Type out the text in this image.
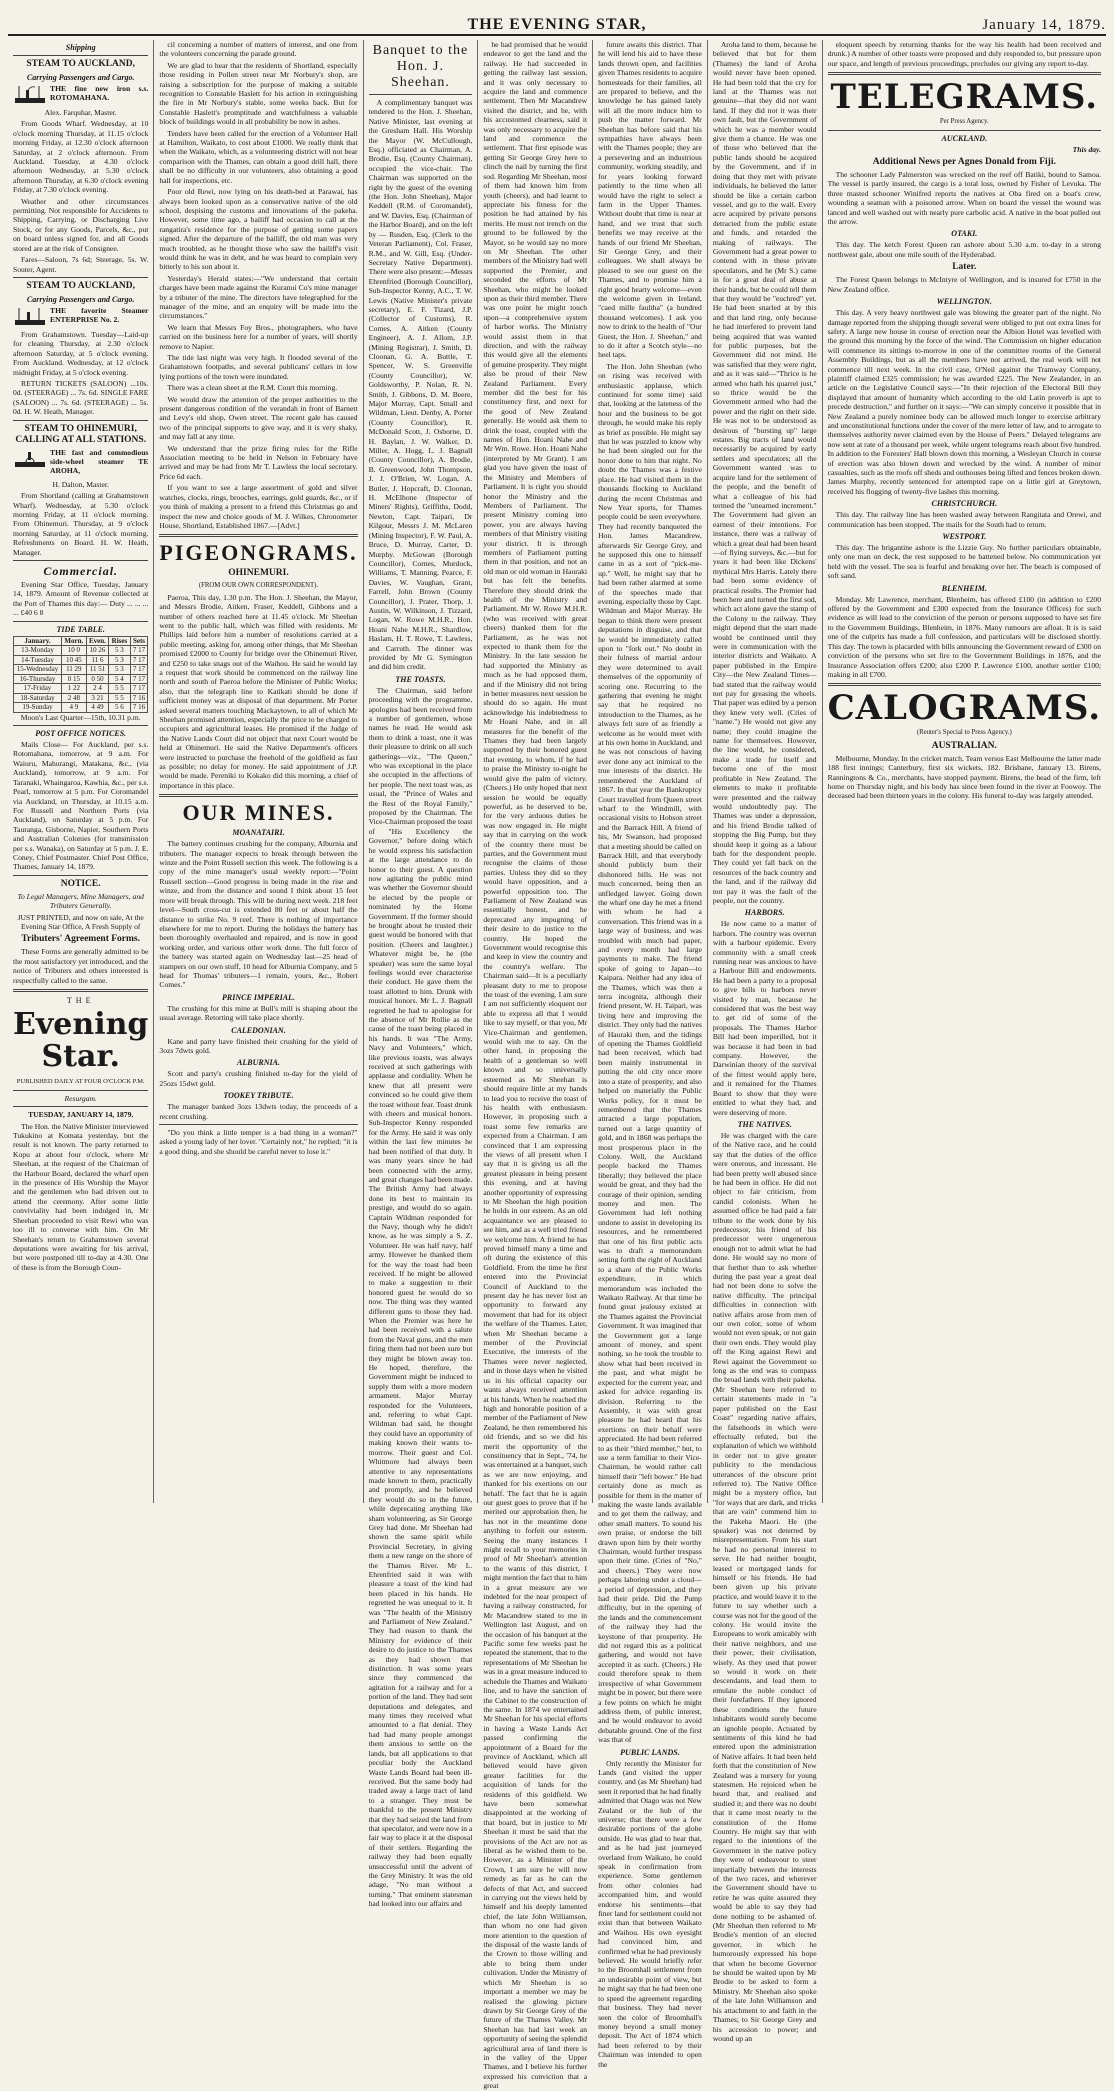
THE EVENING STAR,	January 14, 1879.

Shipping

STEAM TO AUCKLAND,

Carrying Passengers and Cargo.

THE fine new iron s.s. ROTOMAHANA.

Alex. Farquhar, Master.

From Goods Wharf. Wednesday, at 10 o'clock morning Thursday, at 11.15 o'clock morning Friday, at 12.30 o'clock afternoon Saturday, at 2 o'clock afternoon. From Auckland. Tuesday, at 4.30 o'clock afternoon Wednesday, at 5.30 o'clock afternoon Thursday, at 6.30 o'clock evening Friday, at 7.30 o'clock evening.

Weather and other circumstances permitting. Not responsible for Accidents to Shipping, Carrying, or Discharging Live Stock, or for any Goods, Parcels, &c., put on board unless signed for, and all Goods stored are at the risk of Consignee.

Fares—Saloon, 7s 6d; Steerage, 5s. W. Souter, Agent.

STEAM TO AUCKLAND,

Carrying Passengers and Cargo.

THE favorite Steamer ENTERPRISE No. 2.

From Grahamstown. Tuesday—Laid-up for cleaning Thursday, at 2.30 o'clock afternoon Saturday, at 5 o'clock evening. From Auckland. Wednesday, at 12 o'clock midnight Friday, at 5 o'clock evening.

RETURN TICKETS (SALOON) ...10s. 0d. (STEERAGE) ... 7s. 6d. SINGLE FARE (SALOON) ... 7s. 6d. (STEERAGE) ... 5s. 0d. H. W. Heath, Manager.

STEAM TO OHINEMURI, CALLING AT ALL STATIONS.

THE fast and commodious side-wheel steamer TE AROHA,

H. Dalton, Master.

From Shortland (calling at Grahamstown Wharf). Wednesday, at 5.30 o'clock morning Friday, at 11 o'clock morning. From Ohinemuri. Thursday, at 9 o'clock morning Saturday, at 11 o'clock morning. Refreshments on Board. H. W. Heath, Manager.

Commercial.

Evening Star Office, Tuesday, January 14, 1879. Amount of Revenue collected at the Port of Thames this day:— Duty ... ... ... ... £40 6 8

TIDE TABLE.

January.	Morn.	Even.	Rises	Sets
13-Monday	10 0	10 26	5 3	7 17
14-Tuesday	10 45	11 6	5 3	7 17
15-Wednesday	11 29	11 51	5 3	7 17
16-Thursday	0 15	0 50	5 4	7 17
17-Friday	1 22	2 4	5 5	7 17
18-Saturday	2 48	3 21	5 5	7 16
19-Sunday	4 9	4 49	5 6	7 16

Moon's Last Quarter—15th, 10.31 p.m.

POST OFFICE NOTICES.

Mails Close— For Auckland, per s.s. Rotomahana, tomorrow, at 9 a.m. For Waiuru, Mahurangi, Matakana, &c., (via Auckland), tomorrow, at 9 a.m. For Taranaki, Whaingaroa, Kawhia, &c., per s.s. Pearl, tomorrow at 5 p.m. For Coromandel via Auckland, on Thursday, at 10.15 a.m. For Russell and Northern Ports (via Auckland), on Saturday at 5 p.m. For Tauranga, Gisborne, Napier, Southern Ports and Australian Colonies (for transmission per s.s. Wanaka), on Saturday at 5 p.m. J. E. Coney, Chief Postmaster. Chief Post Office, Thames, January 14, 1879.

NOTICE.

To Legal Managers, Mine Managers, and Tributers Generally.

JUST PRINTED, and now on sale, At the Evening Star Office, A Fresh Supply of

Tributers' Agreement Forms.

These Forms are generally admitted to be the most satisfactory yet introduced, and the notice of Tributers and others interested is respectfully called to the same.

THE

Evening Star.

PUBLISHED DAILY AT FOUR O'CLOCK P.M.

Resurgam.

TUESDAY, JANUARY 14, 1879.

The Hon. the Native Minister interviewed Tukukino at Komata yesterday, but the result is not known. The party returned to Kopu at about four o'clock, where Mr Sheehan, at the request of the Chairman of the Harbour Board, declared the wharf open in the presence of His Worship the Mayor and the gentlemen who had driven out to attend the ceremony. After some little conviviality had been indulged in, Mr Sheehan proceeded to visit Rewi who was too ill to converse with him. On Mr Sheehan's return to Grahamstown several deputations were awaiting for his arrival, but were postponed till to-day at 4.30. One of these is from the Borough Coun-

cil concerning a number of matters of interest, and one from the volunteers concerning the parade ground.

We are glad to hear that the residents of Shortland, especially those residing in Pollen street near Mr Norbury's shop, are raising a subscription for the purpose of making a suitable recognition to Constable Haslett for his action in extinguishing the fire in Mr Norbury's stable, some weeks back. But for Constable Haslett's promptitude and watchfulness a valuable block of buildings would in all probability be now in ashes.

Tenders have been called for the erection of a Volunteer Hall at Hamilton, Waikato, to cost about £1000. We really think that when the Waikato, which, as a volunteering district will not bear comparison with the Thames, can obtain a good drill hall, there shall be no difficulty in our volunteers, also obtaining a good hall for inspections, etc.

Poor old Rewi, now lying on his death-bed at Parawai, has always been looked upon as a conservative native of the old school, despising the customs and innovations of the pakeha. However, some time ago, a bailiff had occasion to call at the rangatira's residence for the purpose of getting some papers signed. After the departure of the bailiff, the old man was very much troubled, as he thought those who saw the bailiff's visit would think he was in debt, and he was heard to complain very bitterly to his son about it.

Yesterday's Herald states:—"We understand that certain charges have been made against the Kuranui Co's mine manager by a tributer of the mine. The directors have telegraphed for the manager of the mine, and an enquiry will be made into the circumstances."

We learn that Messrs Foy Bros., photographers, who have carried on the business here for a number of years, will shortly remove to Napier.

The tide last night was very high. It flooded several of the Grahamstown footpaths, and several publicans' cellars in low lying portions of the town were inundated.

There was a clean sheet at the R.M. Court this morning.

We would draw the attention of the proper authorities to the present dangerous condition of the verandah in front of Barnett and Levy's old shop, Owen street. The recent gale has caused two of the principal supports to give way, and it is very shaky, and may fall at any time.

We understand that the prize firing rules for the Rifle Association meeting to be held in Nelson in February have arrived and may be had from Mr T. Lawless the local secretary. Price 6d each.

If you want to see a large assortment of gold and silver watches, clocks, rings, brooches, earrings, gold guards, &c., or if you think of making a present to a friend this Christmas go and inspect the new and choice goods of M. J. Wilkes, Chronometer House, Shortland, Established 1867.—[Advt.]

PIGEONGRAMS.

OHINEMURI.

(FROM OUR OWN CORRESPONDENT).

Paeroa, This day, 1.30 p.m. The Hon. J. Sheehan, the Mayor, and Messrs Brodie, Aitken, Fraser, Keddell, Gibbons and a number of others reached here at 11.45 o'clock. Mr Sheehan went to the public hall, which was filled with residents. Mr Phillips laid before him a number of resolutions carried at a public meeting, asking for, among other things, that Mr Sheehan promised £2000 to County for bridge over the Ohinemuri River, and £250 to take snags out of the Waihou. He said he would lay a request that work should be commenced on the railway line north and south of Paeroa before the Minister of Public Works; also, that the telegraph line to Katikati should be done if sufficient money was at disposal of that department. Mr Porter asked several matters touching Mackaytown, to all of which Mr Sheehan promised attention, especially the price to be charged to occupiers and agricultural leases. He promised if the Judge of the Native Lands Court did not object that next Court would be held at Ohinemuri. He said the Native Department's officers were instructed to purchase the freehold of the goldfield as fast as possible; no delay for money. He said appointment of J.P. would be made. Pereniki to Kokako did this morning, a chief of importance in this place.

OUR MINES.

MOANATAIRI.

The battery continues crushing for the company, Alburnia and tributers. The manager expects to break through between the winze and the Point Russell section this week. The following is a copy of the mine manager's usual weekly report:—"Point Russell section—Good progress is being made in the rise and winze, and from the distance and sound I think about 15 feet more will break through. This will be during next week. 218 feet level—South cross-cut is extended 80 feet or about half the distance to strike No. 9 reef. There is nothing of importance elsewhere for me to report. During the holidays the battery has been thoroughly overhauled and repaired, and is now in good working order, and various other work done. The full force of the battery was started again on Wednesday last—25 head of stampers on our own stuff, 10 head for Alburnia Company, and 5 head for Thomas' tributers—1 remain, yours, &c., Robert Comes."

PRINCE IMPERIAL.

The crushing for this mine at Bull's mill is shaping about the usual average. Retorting will take place shortly.

CALEDONIAN.

Kane and party have finished their crushing for the yield of 3ozs 7dwts gold.

ALBURNIA.

Scott and party's crushing finished to-day for the yield of 25ozs 15dwt gold.

TOOKEY TRIBUTE.

The manager banked 3ozs 13dwts today, the proceeds of a recent crushing.

"Do you think a little temper is a bad thing in a woman?" asked a young lady of her lover. "Certainly not," he replied; "it is a good thing, and she should be careful never to lose it."

Banquet to the Hon. J. Sheehan.

A complimentary banquet was tendered to the Hon. J. Sheehan, Native Minister, last evening at the Gresham Hall. His Worship the Mayor (W. McCullough, Esq.) officiated as Chairman, A. Brodie, Esq. (County Chairman), occupied the vice-chair. The Chairman was supported on the right by the guest of the evening (the Hon. John Sheehan), Major Keddell (R.M. of Coromandel), and W. Davies, Esq. (Chairman of the Harbor Board), and on the left by — Rusden, Esq. (Clerk to the Veteran Parliament), Col. Fraser, R.M., and W. Gill, Esq. (Under-Secretary Native Department). There were also present:—Messrs Ehrenfried (Borough Councillor), Sub-Inspector Kenny, A.C., T. W. Lewis (Native Minister's private secretary), E. F. Tizard, J.P. (Collector of Customs), R. Comes, A. Aitken (County Engineer), A. J. Allom, J.P. (Mining Registrar), J. Smith, D. Cloonan, G. A. Buttle, T. Spencer, W. S. Greenville (County Councillor), W. Goldsworthy, P. Nolan, R. N. Smith, J. Gibbons, D. M. Beere, Major Murray, Capt. Small and Wildman, Lieut. Denby, A. Porter (County Councillor), R. McDonald Scott, J. Osborne, D. H. Baylan, J. W. Walker, D. Miller, A. Hogg, L. J. Bagnall (County Councillor), A. Brodie, B. Greenwood, John Thompson, J. J. O'Brien, W. Logan, A. Butler, J. Hopcraft, D. Cloonan, H. McElhone (Inspector of Miners' Rights), Griffiths, Dodd, Newton, Capt. Taipari, Dr Kilgour, Messrs J. M. McLaren (Mining Inspector), F. W. Paul, A. Bruce, D. Murray, Carter, D. Murphy. McGowan (Borough Councillor), Cornes, Murdock, Williams, T. Manning, Pearce, F. Davies, W. Vaughan, Grant, Farrell, John Brown (County Councillor), J. Prater, Thorp, J. Austin, W. Wilkinson, J. Tizzard, Logan, W. Rowe M.H.R., Hon. Hoani Nahe M.H.R., Shardlow, Haslam, H. T. Rowe, T. Lawless, and Carruth. The dinner was provided by Mr G. Symington and did him credit.

THE TOASTS.

The Chairman, said before proceeding with the programme, apologies had been received from a number of gentlemen, whose names he read. He would ask them to drink a toast, one it was their pleasure to drink on all such gatherings—viz., "The Queen," who was exceptional in the place she occupied in the affections of her people. The next toast was, as usual, the "Prince of Wales and the Rest of the Royal Family," proposed by the Chairman. The Vice-Chairman proposed the toast of "His Excellency the Governor," before doing which he would express his satisfaction at the large attendance to do honor to their guest. A question now agitating the public mind was whether the Governor should be elected by the people or nominated by the Home Government. If the former should be brought about he trusted their guest would be honored with that position. (Cheers and laughter.) Whatever might be, he (the speaker) was sure the same loyal feelings would ever characterise their conduct. He gave them the toast allotted to him. Drunk with musical honors. Mr L. J. Bagnall regretted he had to apologise for the absence of Mr Rollie as the cause of the toast being placed in his hands. It was "The Army, Navy and Volunteers," which, like previous toasts, was always received at such gatherings with applause and cordiality. When he knew that all present were convinced so he could give them the toast without fear. Toast drunk with cheers and musical honors. Sub-Inspector Kenny responded for the Army. He said it was only within the last few minutes he had been notified of that duty. It was many years since he had been connected with the army, and great changes had been made. The British Army had always done its best to maintain its prestige, and would do so again. Captain Wildman responded for the Navy, though why he didn't know, as he was simply a S. Z. Volunteer. He was half navy, half army. However he thanked them for the way the toast had been received. If he might be allowed to make a suggestion to their honored guest he would do so now. The thing was they wanted different guns to those they had. When the Premier was here he had been received with a salute from the Naval guns, and the men firing them had not been sure but they might be blown away too. He hoped, therefore, the Government might be induced to supply them with a more modern armament. Major Murray responded for the Volunteers, and, referring to what Capt. Wildman had said, he thought they could have an opportunity of making known their wants to-morrow. Their guest and Col. Whitmore had always been attentive to any representations made known to them, practically and promptly, and he believed they would do so in the future, while deprecating anything like sham volunteering, as Sir George Grey had done. Mr Sheehan had shown the same spirit while Provincial Secretary, in giving them a new range on the shore of the Thames River. Mr L. Ehrenfried said it was with pleasure a toast of the kind had been placed in his hands. He regretted he was unequal to it. It was "The health of the Ministry and Parliament of New Zealand." They had reason to thank the Ministry for evidence of their desire to do justice to the Thames as they had shown that distinction. It was some years since they commenced the agitation for a railway and for a portion of the land. They had sent deputations and delegates, and many times they received what amounted to a flat denial. They had had many people amongst them anxious to settle on the lands, but all applications to that peculiar body the Auckland Waste Lands Board had been ill-received. But the same body had traded away a large tract of land to a stranger. They must be thankful to the present Ministry that they had seized the land from that speculator, and were now in a fair way to place it at the disposal of their settlers. Regarding the railway they had been equally unsuccessful until the advent of the Grey Ministry. It was the old adage, "No man without a turning." That eminent statesman had looked into our affairs and

he had promised that he would endeavor to get the land and the railway. He had succeeded in getting the railway last session, and it was only necessary to acquire the land and commence settlement. Then Mr Macandrew visited the district, and he, with his accustomed clearness, said it was only necessary to acquire the land and commence the settlement. That first episode was getting Sir George Grey here to clinch the nail by turning the first sod. Regarding Mr Sheehan, most of them had known him from youth (cheers), and had learnt to appreciate his fitness for the position he had attained by his merits. He must not trench on the ground to be followed by the Mayor, so he would say no more on Mr Sheehan. The other members of the Ministry had well supported the Premier, and seconded the efforts of Mr Sheehan, who might be looked upon as their third member. There was one point he might touch upon—a comprehensive system of harbor works. The Ministry would assist them in that direction, and with the railway this would give all the elements of genuine prosperity. They might also be proud of their New Zealand Parliament. Every member did the best for his constituency first, and next for the good of New Zealand generally. He would ask them to drink the toast, coupled with the names of Hon. Hoani Nahe and Mr Wm. Rowe. Hon. Hoani Nahe (interpreted by Mr Grant). I am glad you have given the toast of the Ministry and Members of Parliament. It is right you should honor the Ministry and the Members of Parliament. The present Ministry coming into power, you are always having members of that Ministry visiting your district. It is through members of Parliament putting them in that position, and not an old man or old woman in Hauraki but has felt the benefits. Therefore they should drink the health of the Ministry and Parliament. Mr W. Rowe M.H.R. (who was received with great cheers) thanked them for the Parliament, as he was not expected to thank them for the Ministry. In the late session he had supported the Ministry as much as he had opposed them, and if the Ministry did not bring in better measures next session he should do so again. He must acknowledge his indebtedness to Mr Hoani Nahe, and in all measures for the benefit of the Thames they had been largely supported by their honored guest that evening, to whom, if he had to praise the Ministry to-night he would give the palm of victory. (Cheers.) He only hoped that next session he would be equally powerful, as he deserved to be, for the very arduous duties he was now engaged in. He might say that in carrying on the work of the country there must be parties, and the Government must recognise the claims of those parties. Unless they did so they would have opposition, and a powerful opposition too. The Parliament of New Zealand was essentially honest, and he deprecated any impugning of their desire to do justice to the country. He hoped the Government would recognise this and keep in view the country and the country's welfare. The Chairman said—It is a peculiarly pleasant duty to me to propose the toast of the evening. I am sure I am not sufficiently eloquent nor able to express all that I would like to say myself, or that you, Mr Vice-Chairman and gentlemen, would wish me to say. On the other hand, in proposing the health of a gentleman so well known and so universally esteemed as Mr Sheehan is should require little at my hands to lead you to receive the toast of his health with enthusiasm. However, in proposing such a toast some few remarks are expected from a Chairman. I am convinced that I am expressing the views of all present when I say that it is giving us all the greatest pleasure in being present this evening, and at having another opportunity of expressing to Mr Sheehan the high position he holds in our esteem. As an old acquaintance we are pleased to see him, and as a well tried friend we welcome him. A friend he has proved himself many a time and oft during the existence of this Goldfield. From the time he first entered into the Provincial Council of Auckland to the present day he has never lost an opportunity to forward any movement that had for its object the welfare of the Thames. Later, when Mr Sheehan became a member of the Provincial Executive, the interests of the Thames were never neglected, and in those days when he visited us in his official capacity our wants always received attention at his hands. When he reached the high and honorable position of a member of the Parliament of New Zealand, he then remembered his old friends, and so we did his merit the opportunity of the constituency that in Sept., '74, he was entertained at a banquet, such as we are now enjoying, and thanked for his exertions on our behalf. The fact that he is again our guest goes to prove that if he merited our approbation then, he has not in the meantime done anything to forfeit our esteem. Seeing the many instances I might recall to your memories in proof of Mr Sheehan's attention to the wants of this district, I might mention the fact that to him in a great measure are we indebted for the near prospect of having a railway constructed, for Mr Macandrew stated to me in Wellington last August, and on the occasion of his banquet at the Pacific some few weeks past he repeated the statement, that to the representations of Mr Sheehan he was in a great measure induced to schedule the Thames and Waikato line, and to have the sanction of the Cabinet to the construction of the same. In 1874 we entertained Mr Sheehan for his special efforts in having a Waste Lands Act passed confirming the appointment of a Board for the province of Auckland, which all believed would have given greater facilities for the acquisition of lands for the residents of this goldfield. We have been somewhat disappointed at the working of that board, but in justice to Mr Sheehan it must be said that the provisions of the Act are not as liberal as he wished them to be. However, as a Minister of the Crown, I am sure he will now remedy as far as he can the defects of that Act, and succeed in carrying out the views held by himself and his deeply lamented chief, the late John Williamson, than whom no one had given more attention to the question of the disposal of the waste lands of the Crown to those willing and able to bring them under cultivation. Under the Ministry of which Mr Sheehan is so important a member we may be realised the glowing picture drawn by Sir George Grey of the future of the Thames Valley. Mr Sheehan has had last week an opportunity of seeing the splendid agricultural area of land there is in the valley of the Upper Thames, and I believe his further expressed his conviction that a great

future awaits this district. That he will lend his aid to have these lands thrown open, and facilities given Thames residents to acquire homesteads for their families, all are prepared to believe, and the knowledge he has gained lately will all the more induce him to push the matter forward. Mr Sheehan has before said that his sympathies have always been with the Thames people; they are a persevering and an industrious community, working steadily, and for years looking forward patiently to the time when all would have the right to select a farm in the Upper Thames. Without doubt that time is near at hand, and we trust that such benefits we may receive at the hands of our friend Mr Sheehan, Sir George Grey, and their colleagues. We shall always be pleased to see our guest on the Thames, and to promise him a right good hearty welcome—even the welcome given in Ireland, "caed mille faultha" (a hundred thousand welcomes). I ask you now to drink to the health of "Our Guest, the Hon. J. Sheehan," and to do it after a Scotch style—no heel taps.

The Hon. John Sheehan (who on rising was received with enthusiastic applause, which continued for some time) said that, looking at the lateness of the hour and the business to be got through, he would make his reply as brief as possible. He might say that he was puzzled to know why he had been singled out for the honor done to him that night. No doubt the Thames was a festive place. He had visited them in the thousands flocking to Auckland during the recent Christmas and New Year sports, for Thames people could be seen everywhere. They had recently banqueted the Hon. James Macandrew, afterwards Sir George Grey, and he supposed this one to himself came in as a sort of "pick-me-up." Well, he might say that he had been rather alarmed at some of the speeches made that evening, especially those by Capt. Wildman and Major Murray. He began to think there were present deputations in disguise, and that he would be immediately called upon to "fork out." No doubt in their fulness of martial ardour they were determined to avail themselves of the opportunity of scoring one. Recurring to the gathering that evening he might say that he required no introduction to the Thames, as he always felt sure of as friendly a welcome as he would meet with at his own home in Auckland, and he was not conscious of having ever done any act inimical to the true interests of the district. He remembered the Auckland of 1867. In that year the Bankruptcy Court travelled from Queen street wharf to the Windmill, with occasional visits to Hobson street and the Barrack Hill. A friend of his, Mr Swanson, had proposed that a meeting should be called on Barrack Hill, and that everybody should publicly burn their dishonored bills. He was not much concerned, being then an unfledged lawyer. Going down the wharf one day he met a friend with whom he had a conversation. This friend was in a large way of business, and was troubled with much bad paper, and every month had large payments to make. The friend spoke of going to Japan—to Kaipara. Neither had any idea of the Thames, which was then a terra incognita, although their friend present, W. H. Taipari, was living here and improving the district. They only had the natives of Hauraki then, and the tidings of opening the Thames Goldfield had been received, which had been mainly instrumental in putting the old city once more into a state of prosperity, and also helped on materially the Public Works policy, for it must be remembered that the Thames attracted a large population, turned out a large quantity of gold, and in 1868 was perhaps the most prosperous place in the Colony. Well, the Auckland people backed the Thames liberally; they believed the place would be great, and they had the courage of their opinion, sending money and men. The Government had left nothing undone to assist in developing its resources, and he remembered that one of his first public acts was to draft a memorandum setting forth the right of Auckland to a share of the Public Works expenditure, in which memorandum was included the Waikato Railway. At that time he found great jealousy existed at the Thames against the Provincial Government. It was imagined that the Government got a large amount of money, and spent nothing, so he took the trouble to show what had been received in the past, and what might be expected for the current year, and asked for advice regarding its division. Referring to the Assembly, it was with great pleasure he had heard that his exertions on their behalf were appreciated. He had been referred to as their "third member," but, to use a term familiar to their Vice-Chairman, he would rather call himself their "left bower." He had certainly done as much as possible for them in the matter of making the waste lands available and to get them the railway, and other small matters. To sound his own praise, or endorse the bill drawn upon him by their worthy Chairman, would further trespass upon their time. (Cries of "No," and cheers.) They were now perhaps laboring under a cloud—a period of depression, and they had their pride. Did the Pump difficulty, but in the opening of the lands and the commencement of the railway they had the keystone of that prosperity. He did not regard this as a political gathering, and would not have accepted it as such. (Cheers.) He could therefore speak to them irrespective of what Government might be in power, but there were a few points on which he might address them, of public interest, and he would endeavor to avoid debatable ground. One of the first was that of

PUBLIC LANDS.

Only recently the Minister for Lands (and visited the upper country, and (as Mr Sheehan) had seen it reported that he had finally admitted that Otago was not New Zealand or the hub of the universe; that there were a few desirable portions of the globe outside. He was glad to hear that, and as he had just journeyed overland from Waikato, he could speak in confirmation from experience. Some gentlemen from other colonies had accompanied him, and would endorse his sentiments—that finer land for settlement could not exist than that between Waikato and Waihou. His own eyesight had convinced him, and confirmed what he had previously believed. He would briefly refer to the Broomhall settlement from an undesirable point of view, but he might say that he had been one to speed the agreement regarding that business. They had never seen the color of Broomhall's money beyond a small money deposit. The Act of 1874 which had been referred to by their Chairman was intended to open the

Aroha land to them, because he believed that but for them (Thames) the land of Aroha would never have been opened. He had been told that the cry for land at the Thames was not genuine—that they did not want land. If they did not it was their own fault, but the Government of which he was a member would give them a chance. He was one of those who believed that the public lands should be acquired by the Government, and if in doing that they met with private individuals, he believed the latter should be like a certain carbon vessel, and go to the wall. Every acre acquired by private persons detracted from the public estate and funds, and retarded the making of railways. The Government had a great power to contend with in these private speculators, and he (Mr S.) came in for a great deal of abuse at their hands, but he could tell them that they would be "euchred" yet. He had been snarled at by this and that land ring, only because he had interfered to prevent land being acquired that was wanted for public purposes, but the Government did not mind. He was satisfied that they were right, and as it was said—"Thrice is he armed who hath his quarrel just," so thrice would be the Government armed who had the power and the right on their side. He was not to be understood as desirous of "bursting up" large estates. Big tracts of land would necessarily be acquired by early settlers and speculators; all the Government wanted was to acquire land for the settlement of the people, and the benefit of what a colleague of his had termed the "unearned increment." The Government had given an earnest of their intentions. For instance, there was a railway of which a great deal had been heard—of flying surveys, &c.—but for years it had been like Dickens' mythical Mrs Harris. Lately there had been some evidence of practical results. The Premier had been here and turned the first sod, which act alone gave the stamp of the Colony to the railway. They might depend that the start made would be continued until they were in communication with the interior districts and Waikato. A paper published in the Empire City—the New Zealand Times—had stated that the railway would not pay for greasing the wheels. That paper was edited by a person they knew very well. (Cries of "name.") He would not give any name; they could imagine the name for themselves. However, the line would, he considered, make a trade for itself and become one of the most profitable in New Zealand. The elements to make it profitable were presented and the railway would undoubtedly pay. The Thames was under a depression, and his friend Brodie talked of stopping the Big Pump, but they should keep it going as a labour bath for the despondent people. They could yet fall back on the resources of the back country and the land, and if the railway did not pay it was the fault of the people, not the country.

HARBORS.

He now came to a matter of harbors. The country was overrun with a harbour epidemic. Every community with a small creek running near was anxious to have a Harbour Bill and endowments. He had been a party to a proposal to give bills to harbors never visited by man, because he considered that was the best way to get rid of some of the proposals. The Thames Harbor Bill had been imperilled, but it was because it had been in bad company. However, the Darwinian theory of the survival of the fittest would apply here, and it remained for the Thames Board to show that they were entitled to what they had, and were deserving of more.

THE NATIVES.

He was charged with the care of the Native race, and he could say that the duties of the office were onerous, and incessant. He had been pretty well abused since he had been in office. He did not object to fair criticism, from candid colonists. When he assumed office he had paid a fair tribute to the work done by his predecessor, his friend of his predecessor were ungenerous enough not to admit what he had done. He would say no more of that further than to ask whether during the past year a great deal had not been done to solve the native difficulty. The principal difficulties in connection with native affairs arose from men of our own color, some of whom would not even speak, or not gain their own ends. They would play off the King against Rewi and Rewi against the Government so long as the end was to compass the broad lands with their pakeha. (Mr Sheehan here referred to certain statements made in "a paper published on the East Coast" regarding native affairs, the falsehoods in which were effectually refuted, but the explanation of which we withhold in order not to give greater publicity to the mendacious utterances of the obscure print referred to). The Native Office might be a mystery office, but "for ways that are dark, and tricks that are vain" commend him to the Pakeha Maori. He (the speaker) was not deterred by misrepresentation. From his start he had no personal interest to serve. He had neither bought, leased or mortgaged lands for himself or his friends. He had been given up his private practice, and would leave it to the future to say whether such a course was not for the good of the colony. He would invite the Europeans to work amicably with their native neighbors, and use their power, their civilisation, wisely. As they used that power so would it work on their descendants, and lead them to emulate the noble conduct of their forefathers. If they ignored these conditions the future inhabitants would surely become an ignoble people. Actuated by sentiments of this kind he had entered upon the administration of Native affairs. It had been held forth that the constitution of New Zealand was a nursery for young statesmen. He rejoiced when he heard that, and realised and studied it; and there was no doubt that it came most nearly to the constitution of the Home Country. He might say that with regard to the intentions of the Government in the native policy they were of endeavour to steer impartially between the interests of the two races, and wherever the Government should have to retire he was quite assured they would be able to say they had done nothing to be ashamed of. (Mr Sheehan then referred to Mr Brodie's mention of an elected governor, in which he humorously expressed his hope that when he become Governor he should be waited upon by Mr Brodie to be asked to form a Ministry. Mr Sheehan also spoke of the late John Williamson and his attachment to and faith in the Thames; to Sir George Grey and his accession to power; and wound up an

eloquent speech by returning thanks for the way his health had been received and drunk.) A number of other toasts were proposed and duly responded to, but pressure upon our space, and length of previous proceedings, precludes our giving any report to-day.

TELEGRAMS.

Per Press Agency.

AUCKLAND.

This day.

Additional News per Agnes Donald from Fiji.

The schooner Lady Palmerston was wrecked on the reef off Batiki, bound to Samoa. The vessel is partly insured, the cargo is a total loss, owned by Fisher of Levuka. The three masted schooner Winifred reports the natives at Oba fired on a boat's crew, wounding a seaman with a poisoned arrow. When on board the vessel the wound was lanced and well washed out with nearly pure carbolic acid. A native in the boat pulled out the arrow.

OTAKI.

This day. The ketch Forest Queen ran ashore about 5.30 a.m. to-day in a strong northwest gale, about one mile south of the Hyderabad.

Later.

The Forest Queen belongs to McIntyre of Wellington, and is insured for £750 in the New Zealand office.

WELLINGTON.

This day. A very heavy northwest gale was blowing the greater part of the night. No damage reported from the shipping though several were obliged to put out extra lines for safety. A large new house in course of erection near the Albion Hotel was levelled with the ground this morning by the force of the wind. The Commission on higher education will commence its sittings to-morrow in one of the committee rooms of the General Assembly Buildings, but as all the members have not arrived, the real work will not commence till next week. In the civil case, O'Neil against the Tramway Company, plaintiff claimed £325 commission; he was awarded £225. The New Zealander, in an article on the Legislative Council says:—"In their rejection of the Electoral Bill they displayed that amount of humanity which according to the old Latin proverb is apt to precede destruction," and further on it says:—"We can simply conceive it possible that in New Zealand a purely nominee body can be allowed much longer to exercise arbitrary and unconstitutional functions under the cover of the mere letter of law, and to arrogate to themselves authority never claimed even by the House of Peers." Delayed telegrams are now sent at rate of a thousand per week, while urgent telegrams reach about five hundred. In addition to the Foresters' Hall blown down this morning, a Wesleyan Church in course of erection was also blown down and wrecked by the wind. A number of minor casualties, such as the roofs off sheds and outhouses being lifted and fences broken down. James Murphy, recently sentenced for attempted rape on a little girl at Greytown, received his flogging of twenty-five lashes this morning.

CHRISTCHURCH.

This day. The railway line has been washed away between Rangitata and Orewi, and communication has been stopped. The mails for the South had to return.

WESTPORT.

This day. The brigantine ashore is the Lizzie Guy. No further particulars obtainable, only one man on deck, the rest supposed to be battened below. No communication yet held with the vessel. The sea is fearful and breaking over her. The beach is composed of soft sand.

BLENHEIM.

Monday. Mr Lawrence, merchant, Blenheim, has offered £100 (in addition to £200 offered by the Government and £300 expected from the Insurance Offices) for such evidence as will lead to the conviction of the person or persons supposed to have set fire to the Government Buildings, Blenheim, in 1876. Many rumours are afloat. It is is said one of the culprits has made a full confession, and particulars will be disclosed shortly. This day. The town is placarded with bills announcing the Government reward of £300 on conviction of the persons who set fire to the Government Buildings in 1876, and the Insurance Association offers £200; also £200 P. Lawrence £100, another settler £100; making in all £700.

CALOGRAMS.

(Reuter's Special to Press Agency.)

AUSTRALIAN.

Melbourne, Monday. In the cricket match, Team versus East Melbourne the latter made 188 first innings; Canterbury, first six wickets, 182. Brisbane, January 13. Birens, Ranningtons & Co., merchants, have stopped payment. Birens, the head of the firm, left home on Thursday night, and his body has since been found in the river at Foowoy. The deceased had been thirteen years in the colony. His funeral to-day was largely attended.
